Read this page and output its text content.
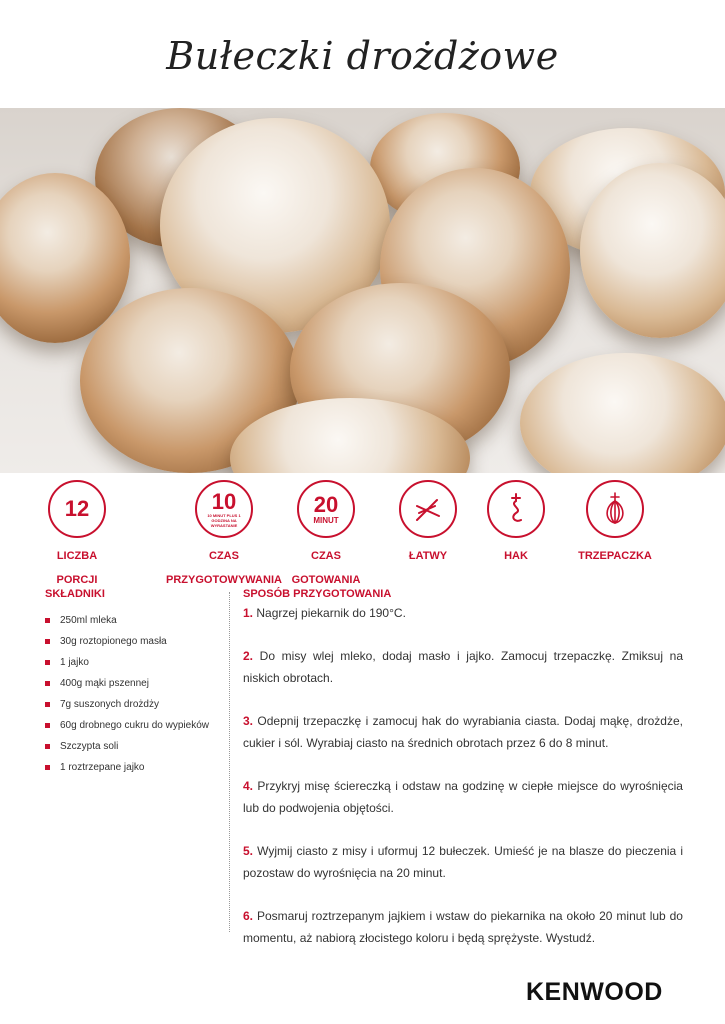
Bułeczki drożdżowe
12
LICZBA
PORCJI
10
10 MINUT PLUS 1 GODZINA NA WYRASTANIE
CZAS
PRZYGOTOWYWANIA
20
MINUT
CZAS
GOTOWANIA
ŁATWY	HAK	TRZEPACZKA
SKŁADNIKI
250ml mleka
30g roztopionego masła
1 jajko
400g mąki pszennej
7g suszonych drożdży
60g drobnego cukru do wypieków
Szczypta soli
1 roztrzepane jajko
SPOSÓB PRZYGOTOWANIA
1. Nagrzej piekarnik do 190°C.
2. Do misy wlej mleko, dodaj masło i jajko. Zamocuj trzepaczkę. Zmiksuj na niskich obrotach.
3. Odepnij trzepaczkę i zamocuj hak do wyrabiania ciasta. Dodaj mąkę, drożdże, cukier i sól. Wyrabiaj ciasto na średnich obrotach przez 6 do 8 minut.
4. Przykryj misę ściereczką i odstaw na godzinę w ciepłe miejsce do wyrośnięcia lub do podwojenia objętości.
5. Wyjmij ciasto z misy i uformuj 12 bułeczek. Umieść je na blasze do pieczenia i pozostaw do wyrośnięcia na 20 minut.
6. Posmaruj roztrzepanym jajkiem i wstaw do piekarnika na około 20 minut lub do momentu, aż nabiorą złocistego koloru i będą sprężyste. Wystudź.
KENWOOD
